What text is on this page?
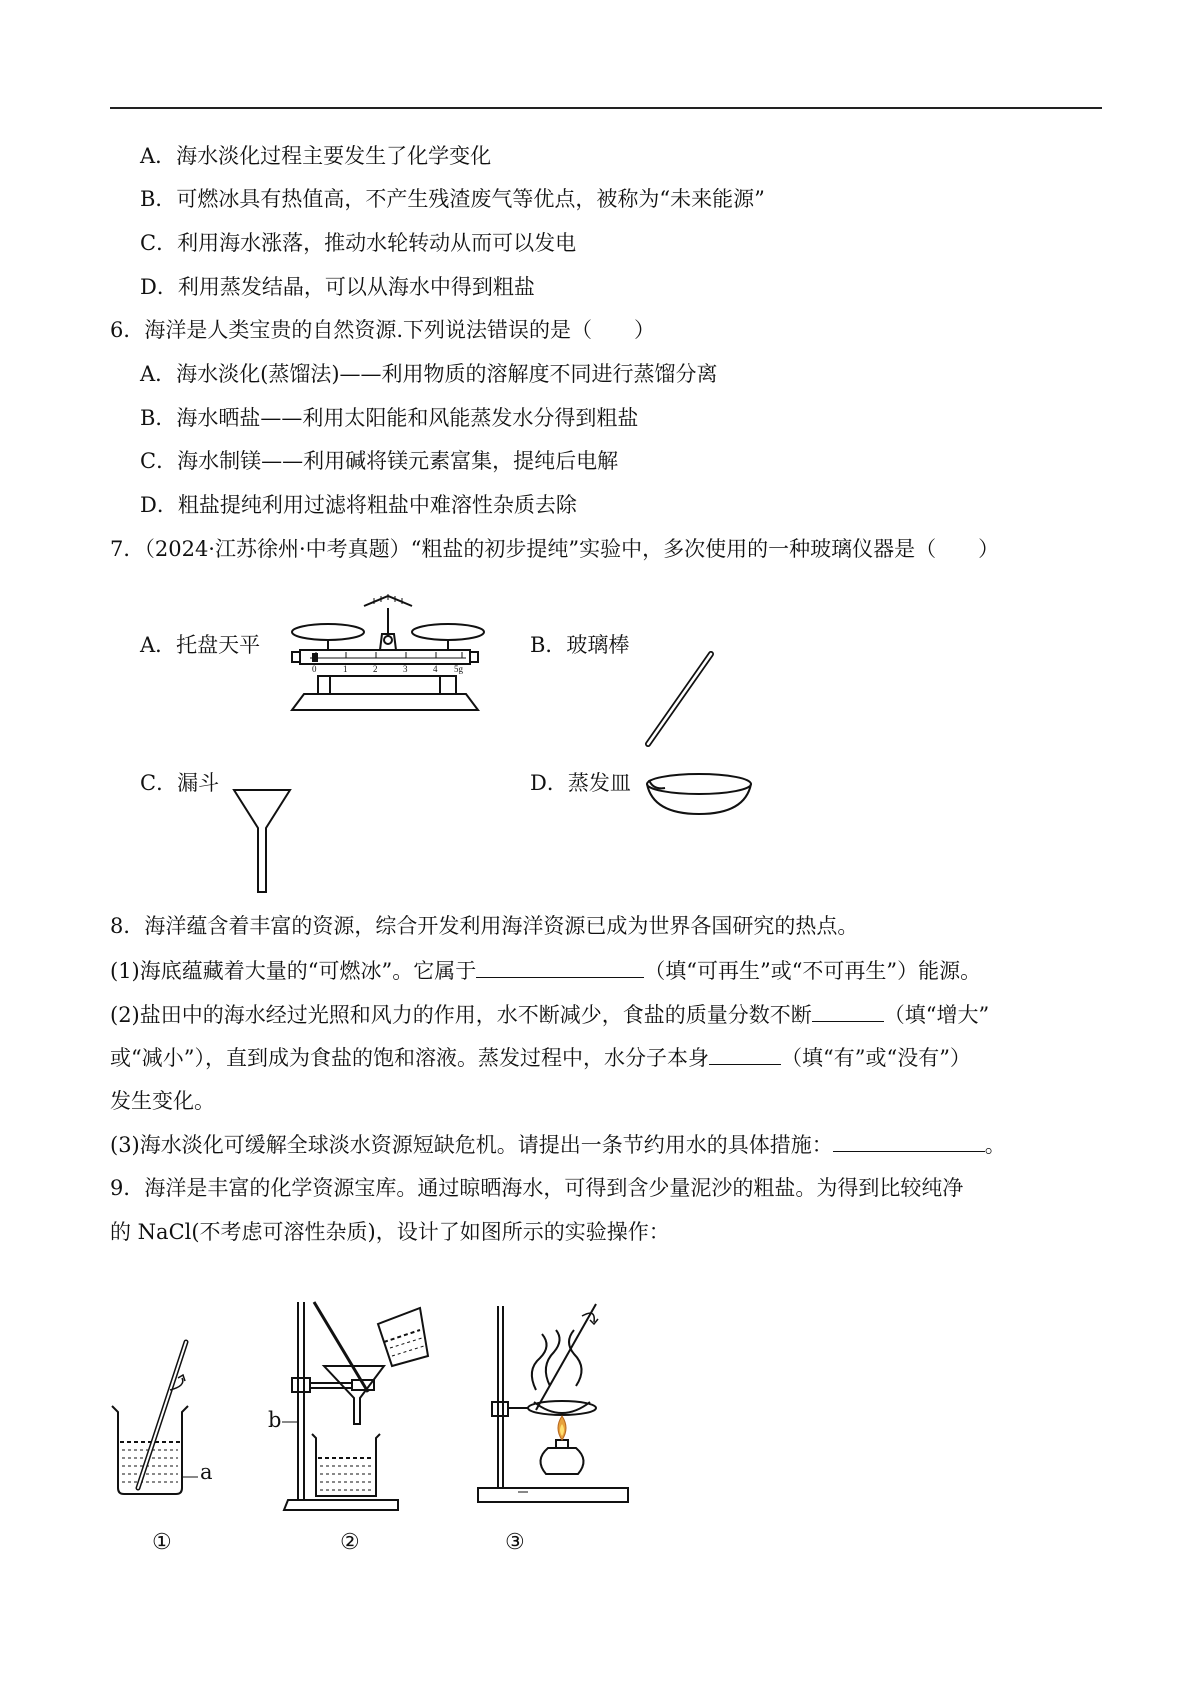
A．海水淡化过程主要发生了化学变化
B．可燃冰具有热值高，不产生残渣废气等优点，被称为“未来能源”
C．利用海水涨落，推动水轮转动从而可以发电
D．利用蒸发结晶，可以从海水中得到粗盐
6．海洋是人类宝贵的自然资源.下列说法错误的是（　　）
A．海水淡化(蒸馏法)——利用物质的溶解度不同进行蒸馏分离
B．海水晒盐——利用太阳能和风能蒸发水分得到粗盐
C．海水制镁——利用碱将镁元素富集，提纯后电解
D．粗盐提纯利用过滤将粗盐中难溶性杂质去除
7．（2024·江苏徐州·中考真题）“粗盐的初步提纯”实验中，多次使用的一种玻璃仪器是（　　）
A．托盘天平
0	1	2	3	4 5g
B．玻璃棒
C．漏斗	D．蒸发皿
8．海洋蕴含着丰富的资源，综合开发利用海洋资源已成为世界各国研究的热点。
(1)海底蕴藏着大量的“可燃冰”。它属于	（填“可再生”或“不可再生”）能源。
(2)盐田中的海水经过光照和风力的作用，水不断减少，食盐的质量分数不断	（填“增大”
或“减小”），直到成为食盐的饱和溶液。蒸发过程中，水分子本身	（填“有”或“没有”）
发生变化。
(3)海水淡化可缓解全球淡水资源短缺危机。请提出一条节约用水的具体措施：	。
9．海洋是丰富的化学资源宝库。通过晾晒海水，可得到含少量泥沙的粗盐。为得到比较纯净
的 NaCl(不考虑可溶性杂质)，设计了如图所示的实验操作：
a
①
b
②	③
